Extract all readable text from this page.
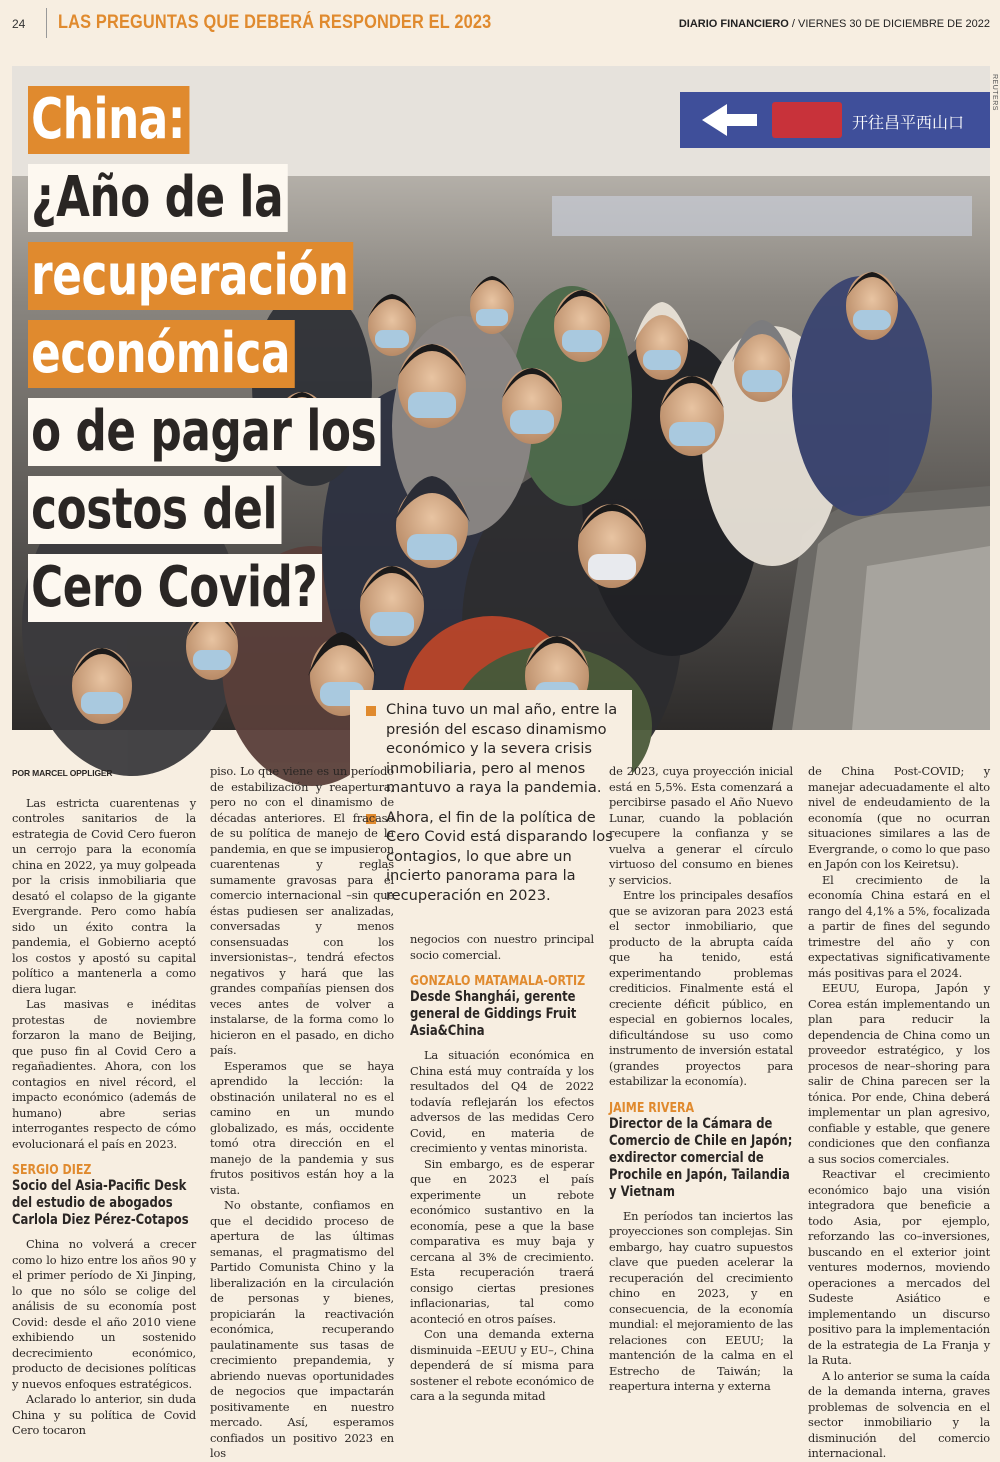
24 LAS PREGUNTAS QUE DEBERÁ RESPONDER EL 2023	DIARIO FINANCIERO / VIERNES 30 DE DICIEMBRE DE 2022
开往昌平西山口
REUTERS
China:
¿Año de la
recuperación
económica
o de pagar los
costos del
Cero Covid?
China tuvo un mal año, entre la presión del escaso dinamismo económico y la severa crisis inmobiliaria, pero al menos mantuvo a raya la pandemia.
Ahora, el fin de la política de Cero Covid está disparando los contagios, lo que abre un incierto panorama para la recuperación en 2023.

POR MARCEL OPPLIGER

Las estricta cuarentenas y controles sanitarios de la estrategia de Covid Cero fueron un cerrojo para la economía china en 2022, ya muy golpeada por la crisis inmobiliaria que desató el colapso de la gigante Evergrande. Pero como había sido un éxito contra la pandemia, el Gobierno aceptó los costos y apostó su capital político a mantenerla a como diera lugar.

Las masivas e inéditas protestas de noviembre forzaron la mano de Beijing, que puso fin al Covid Cero a regañadientes. Ahora, con los contagios en nivel récord, el impacto económico (además de humano) abre serias interrogantes respecto de cómo evolucionará el país en 2023.

SERGIO DIEZ
Socio del Asia-Pacific Desk del estudio de abogados Carlola Diez Pérez-Cotapos

China no volverá a crecer como lo hizo entre los años 90 y el primer período de Xi Jinping, lo que no sólo se colige del análisis de su economía post Covid: desde el año 2010 viene exhibiendo un sostenido decrecimiento económico, producto de decisiones políticas y nuevos enfoques estratégicos.

Aclarado lo anterior, sin duda China y su política de Covid Cero tocaron

piso. Lo que viene es un período de estabilización y reapertura, pero no con el dinamismo de décadas anteriores. El fracaso de su política de manejo de la pandemia, en que se impusieron cuarentenas y reglas sumamente gravosas para el comercio internacional –sin que éstas pudiesen ser analizadas, conversadas y menos consensuadas con los inversionistas–, tendrá efectos negativos y hará que las grandes compañías piensen dos veces antes de volver a instalarse, de la forma como lo hicieron en el pasado, en dicho país.

Esperamos que se haya aprendido la lección: la obstinación unilateral no es el camino en un mundo globalizado, es más, occidente tomó otra dirección en el manejo de la pandemia y sus frutos positivos están hoy a la vista.

No obstante, confiamos en que el decidido proceso de apertura de las últimas semanas, el pragmatismo del Partido Comunista Chino y la liberalización en la circulación de personas y bienes, propiciarán la reactivación económica, recuperando paulatinamente sus tasas de crecimiento prepandemia, y abriendo nuevas oportunidades de negocios que impactarán positivamente en nuestro mercado. Así, esperamos confiados un positivo 2023 en los

negocios con nuestro principal socio comercial.

GONZALO MATAMALA-ORTIZ
Desde Shanghái, gerente general de Giddings Fruit Asia&China

La situación económica en China está muy contraída y los resultados del Q4 de 2022 todavía reflejarán los efectos adversos de las medidas Cero Covid, en materia de crecimiento y ventas minorista.

Sin embargo, es de esperar que en 2023 el país experimente un rebote económico sustantivo en la economía, pese a que la base comparativa es muy baja y cercana al 3% de crecimiento. Esta recuperación traerá consigo ciertas presiones inflacionarias, tal como aconteció en otros países.

Con una demanda externa disminuida –EEUU y EU–, China dependerá de sí misma para sostener el rebote económico de cara a la segunda mitad

de 2023, cuya proyección inicial está en 5,5%. Esta comenzará a percibirse pasado el Año Nuevo Lunar, cuando la población recupere la confianza y se vuelva a generar el círculo virtuoso del consumo en bienes y servicios.

Entre los principales desafíos que se avizoran para 2023 está el sector inmobiliario, que producto de la abrupta caída que ha tenido, está experimentando problemas crediticios. Finalmente está el creciente déficit público, en especial en gobiernos locales, dificultándose su uso como instrumento de inversión estatal (grandes proyectos para estabilizar la economía).

JAIME RIVERA
Director de la Cámara de Comercio de Chile en Japón; exdirector comercial de Prochile en Japón, Tailandia y Vietnam

En períodos tan inciertos las proyecciones son complejas. Sin embargo, hay cuatro supuestos clave que pueden acelerar la recuperación del crecimiento chino en 2023, y en consecuencia, de la economía mundial: el mejoramiento de las relaciones con EEUU; la mantención de la calma en el Estrecho de Taiwán; la reapertura interna y externa

de China Post-COVID; y manejar adecuadamente el alto nivel de endeudamiento de la economía (que no ocurran situaciones similares a las de Evergrande, o como lo que paso en Japón con los Keiretsu).

El crecimiento de la economía China estará en el rango del 4,1% a 5%, focalizada a partir de fines del segundo trimestre del año y con expectativas significativamente más positivas para el 2024.

EEUU, Europa, Japón y Corea están implementando un plan para reducir la dependencia de China como un proveedor estratégico, y los procesos de near–shoring para salir de China parecen ser la tónica. Por ende, China deberá implementar un plan agresivo, confiable y estable, que genere condiciones que den confianza a sus socios comerciales.

Reactivar el crecimiento económico bajo una visión integradora que beneficie a todo Asia, por ejemplo, reforzando las co–inversiones, buscando en el exterior joint ventures modernos, moviendo operaciones a mercados del Sudeste Asiático e implementando un discurso positivo para la implementación de la estrategia de La Franja y la Ruta.

A lo anterior se suma la caída de la demanda interna, graves problemas de solvencia en el sector inmobiliario y la disminución del comercio internacional.
